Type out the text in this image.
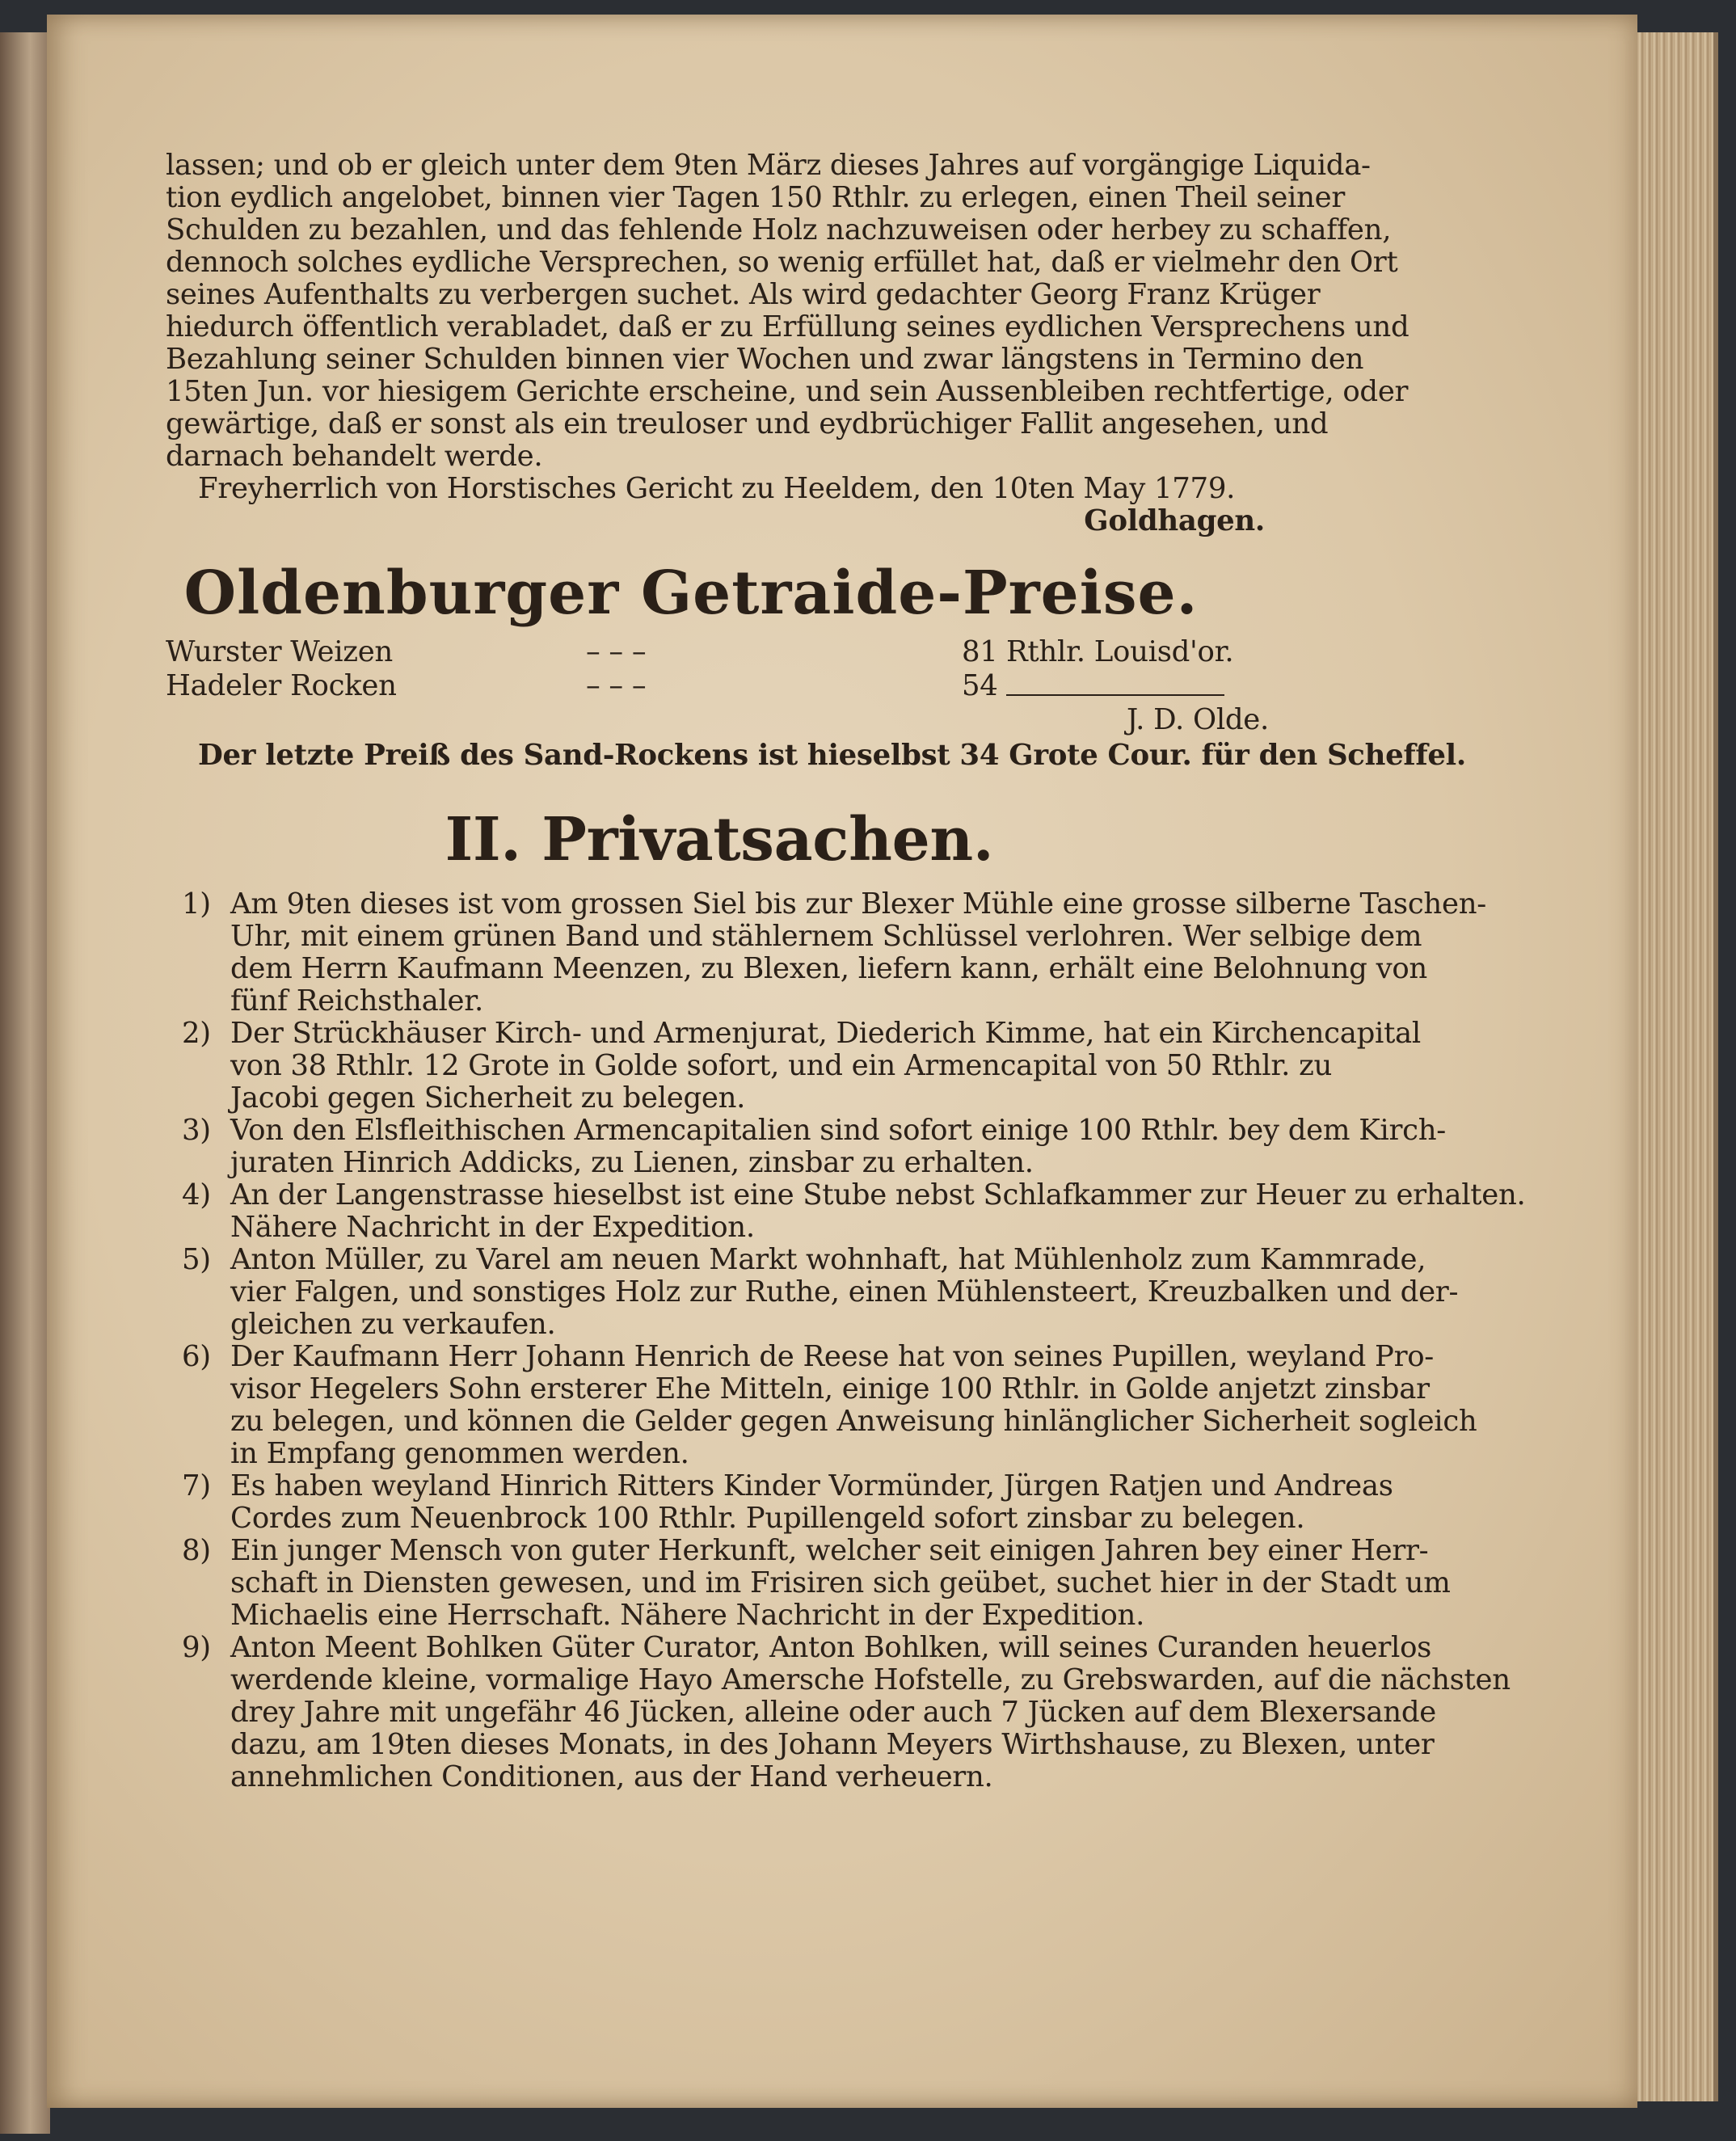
lassen; und ob er gleich unter dem 9ten März dieses Jahres auf vorgängige Liquida-
tion eydlich angelobet, binnen vier Tagen 150 Rthlr. zu erlegen, einen Theil seiner
Schulden zu bezahlen, und das fehlende Holz nachzuweisen oder herbey zu schaffen,
dennoch solches eydliche Versprechen, so wenig erfüllet hat, daß er vielmehr den Ort
seines Aufenthalts zu verbergen suchet. Als wird gedachter Georg Franz Krüger
hiedurch öffentlich verabladet, daß er zu Erfüllung seines eydlichen Versprechens und
Bezahlung seiner Schulden binnen vier Wochen und zwar längstens in Termino den
15ten Jun. vor hiesigem Gerichte erscheine, und sein Aussenbleiben rechtfertige, oder
gewärtige, daß er sonst als ein treuloser und eydbrüchiger Fallit angesehen, und
darnach behandelt werde.
Freyherrlich von Horstisches Gericht zu Heeldem, den 10ten May 1779.
Goldhagen.
Oldenburger Getraide-Preise.
Wurster Weizen	– – –	81 Rthlr. Louisd'or.
Hadeler Rocken	– – –	54
J. D. Olde.
Der letzte Preiß des Sand-Rockens ist hieselbst 34 Grote Cour. für den Scheffel.
II. Privatsachen.
1) Am 9ten dieses ist vom grossen Siel bis zur Blexer Mühle eine grosse silberne Taschen-
Uhr, mit einem grünen Band und stählernem Schlüssel verlohren. Wer selbige dem
dem Herrn Kaufmann Meenzen, zu Blexen, liefern kann, erhält eine Belohnung von
fünf Reichsthaler.
2) Der Strückhäuser Kirch- und Armenjurat, Diederich Kimme, hat ein Kirchencapital
von 38 Rthlr. 12 Grote in Golde sofort, und ein Armencapital von 50 Rthlr. zu
Jacobi gegen Sicherheit zu belegen.
3) Von den Elsfleithischen Armencapitalien sind sofort einige 100 Rthlr. bey dem Kirch-
juraten Hinrich Addicks, zu Lienen, zinsbar zu erhalten.
4) An der Langenstrasse hieselbst ist eine Stube nebst Schlafkammer zur Heuer zu erhalten.
Nähere Nachricht in der Expedition.
5) Anton Müller, zu Varel am neuen Markt wohnhaft, hat Mühlenholz zum Kammrade,
vier Falgen, und sonstiges Holz zur Ruthe, einen Mühlensteert, Kreuzbalken und der-
gleichen zu verkaufen.
6) Der Kaufmann Herr Johann Henrich de Reese hat von seines Pupillen, weyland Pro-
visor Hegelers Sohn ersterer Ehe Mitteln, einige 100 Rthlr. in Golde anjetzt zinsbar
zu belegen, und können die Gelder gegen Anweisung hinlänglicher Sicherheit sogleich
in Empfang genommen werden.
7) Es haben weyland Hinrich Ritters Kinder Vormünder, Jürgen Ratjen und Andreas
Cordes zum Neuenbrock 100 Rthlr. Pupillengeld sofort zinsbar zu belegen.
8) Ein junger Mensch von guter Herkunft, welcher seit einigen Jahren bey einer Herr-
schaft in Diensten gewesen, und im Frisiren sich geübet, suchet hier in der Stadt um
Michaelis eine Herrschaft. Nähere Nachricht in der Expedition.
9) Anton Meent Bohlken Güter Curator, Anton Bohlken, will seines Curanden heuerlos
werdende kleine, vormalige Hayo Amersche Hofstelle, zu Grebswarden, auf die nächsten
drey Jahre mit ungefähr 46 Jücken, alleine oder auch 7 Jücken auf dem Blexersande
dazu, am 19ten dieses Monats, in des Johann Meyers Wirthshause, zu Blexen, unter
annehmlichen Conditionen, aus der Hand verheuern.
